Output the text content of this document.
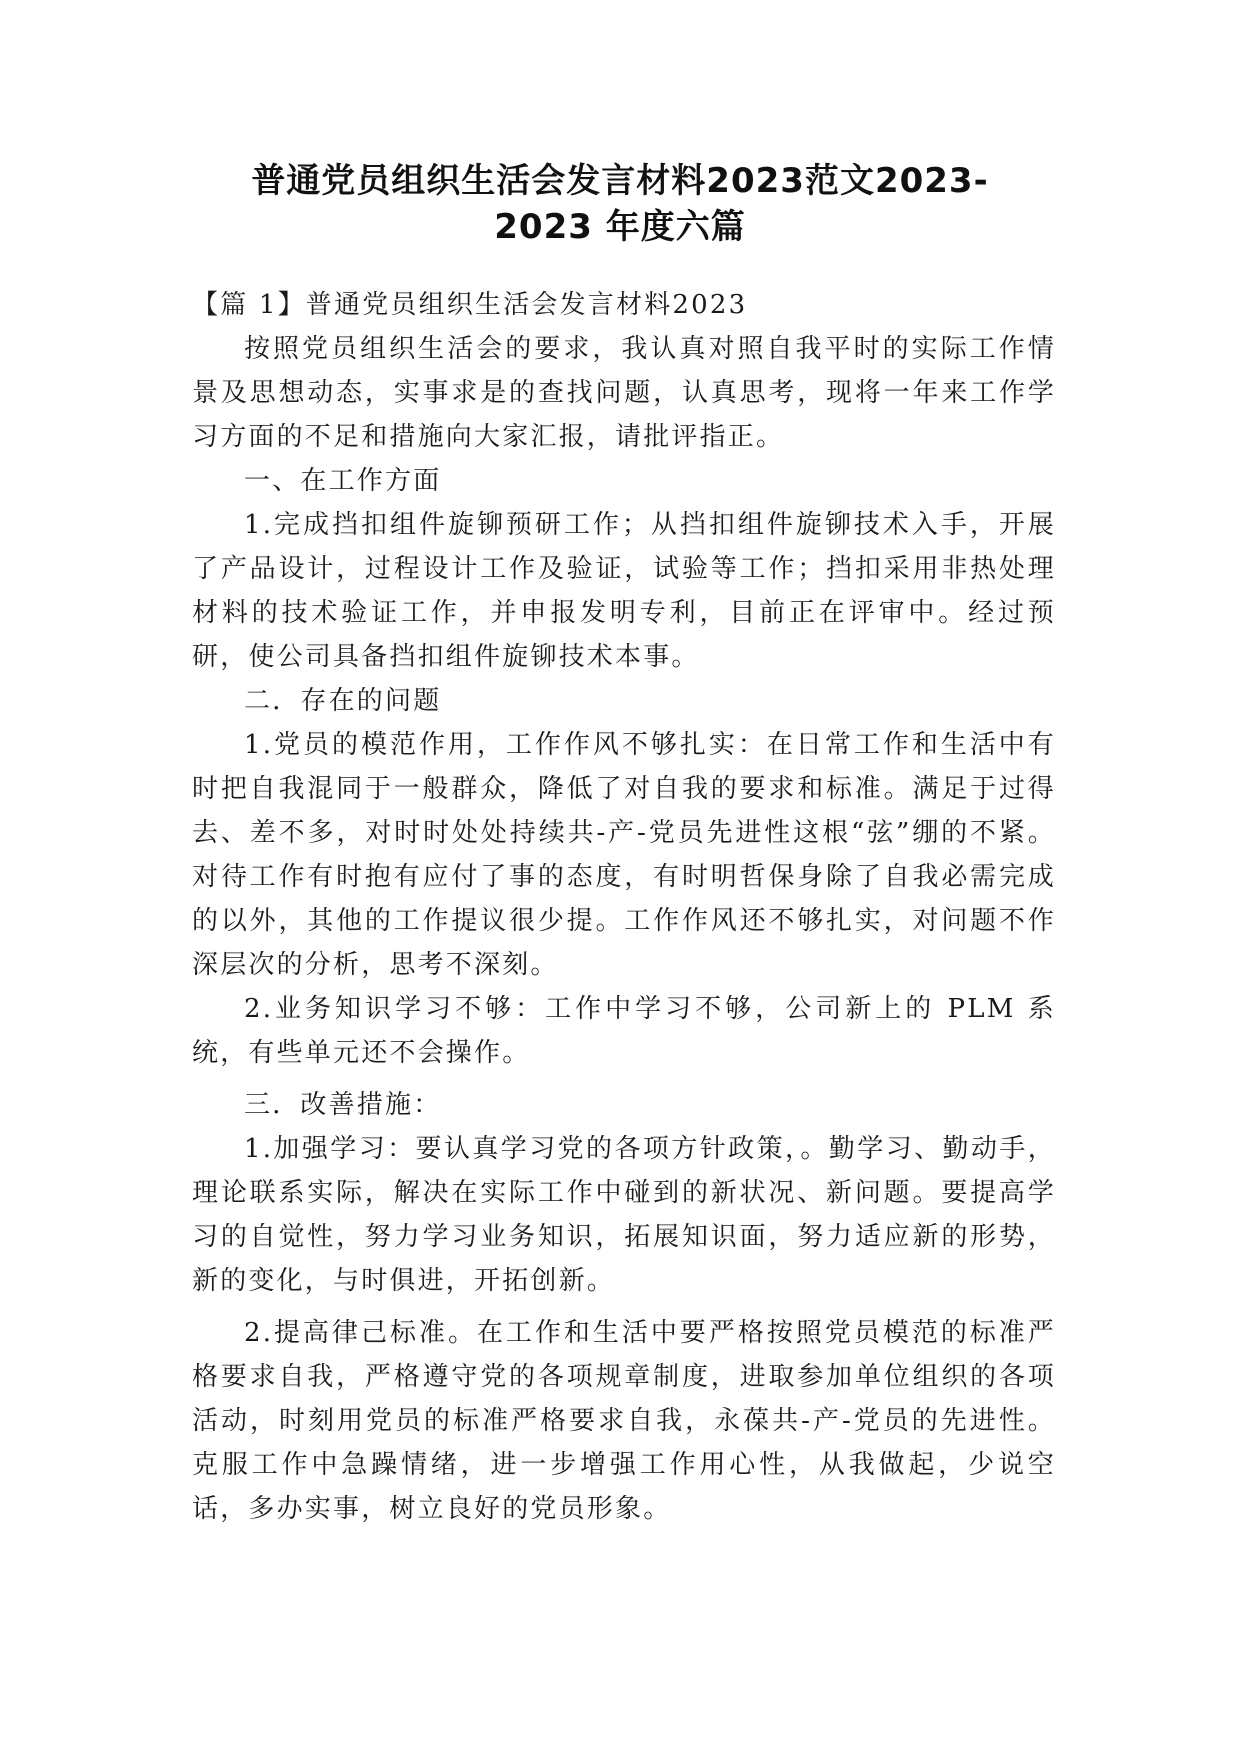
普通党员组织生活会发言材料2023范文2023-
2023 年度六篇

【篇 1】普通党员组织生活会发言材料2023

按照党员组织生活会的要求，我认真对照自我平时的实际工作情景及思想动态，实事求是的查找问题，认真思考，现将一年来工作学习方面的不足和措施向大家汇报，请批评指正。

一、在工作方面

1.完成挡扣组件旋铆预研工作；从挡扣组件旋铆技术入手，开展了产品设计，过程设计工作及验证，试验等工作；挡扣采用非热处理材料的技术验证工作，并申报发明专利，目前正在评审中。经过预研，使公司具备挡扣组件旋铆技术本事。

二．存在的问题

1.党员的模范作用，工作作风不够扎实：在日常工作和生活中有时把自我混同于一般群众，降低了对自我的要求和标准。满足于过得去、差不多，对时时处处持续共-产-党员先进性这根“弦”绷的不紧。对待工作有时抱有应付了事的态度，有时明哲保身除了自我必需完成的以外，其他的工作提议很少提。工作作风还不够扎实，对问题不作深层次的分析，思考不深刻。

2.业务知识学习不够：工作中学习不够，公司新上的 PLM 系统，有些单元还不会操作。

三．改善措施：

1.加强学习：要认真学习党的各项方针政策，。勤学习、勤动手，理论联系实际，解决在实际工作中碰到的新状况、新问题。要提高学习的自觉性，努力学习业务知识，拓展知识面，努力适应新的形势，新的变化，与时俱进，开拓创新。

2.提高律己标准。在工作和生活中要严格按照党员模范的标准严格要求自我，严格遵守党的各项规章制度，进取参加单位组织的各项活动，时刻用党员的标准严格要求自我，永葆共-产-党员的先进性。克服工作中急躁情绪，进一步增强工作用心性，从我做起，少说空话，多办实事，树立良好的党员形象。
